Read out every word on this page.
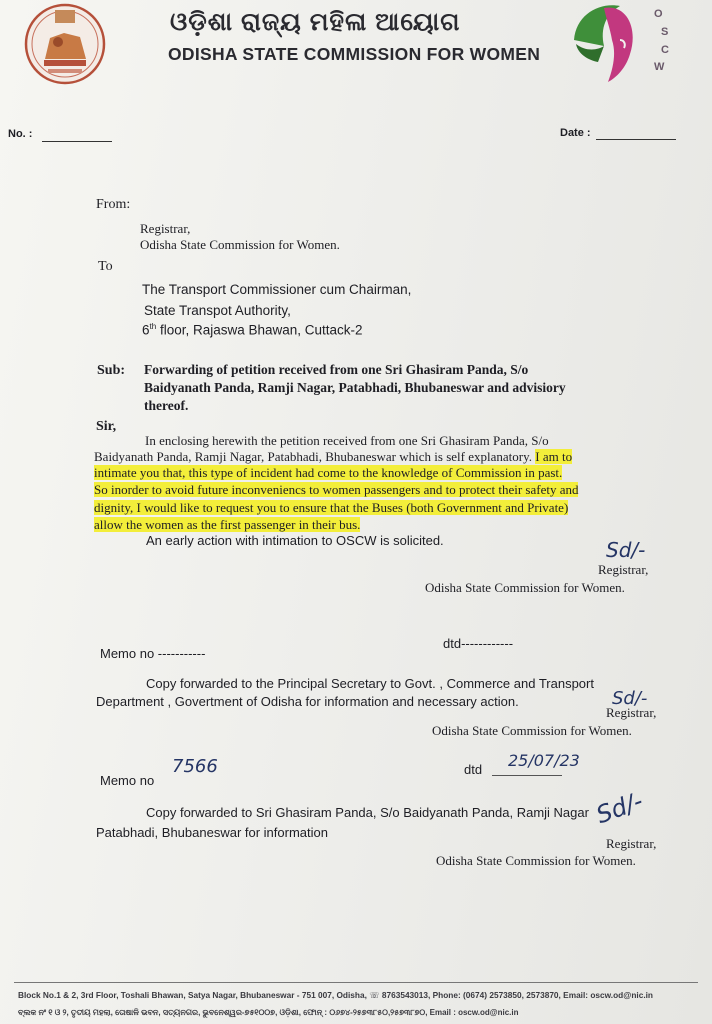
ଓଡ଼ିଶା ରାଜ୍ୟ ମହିଳା ଆୟୋଗ
ODISHA STATE COMMISSION FOR WOMEN
O
S
C
W
No. :	Date :
From:
Registrar,
Odisha State Commission for Women.
To
The Transport Commissioner cum Chairman,
State Transpot Authority,
6th floor, Rajaswa Bhawan, Cuttack-2
Sub: Forwarding of petition received from one Sri Ghasiram Panda, S/o
Baidyanath Panda, Ramji Nagar, Patabhadi, Bhubaneswar and advisiory
thereof.
Sir,
In enclosing herewith the petition received from one Sri Ghasiram Panda, S/o
Baidyanath Panda, Ramji Nagar, Patabhadi, Bhubaneswar which is self explanatory. I am to
intimate you that, this type of incident had come to the knowledge of Commission in past.
So inorder to avoid future inconveniencs to women passengers and to protect their safety and
dignity, I would like to request you to ensure that the Buses (both Government and Private)
allow the women as the first passenger in their bus.
An early action with intimation to OSCW is solicited.	Sd/-
Registrar,
Odisha State Commission for Women.
Memo no -----------
dtd------------
Copy forwarded to the Principal Secretary to Govt. , Commerce and Transport
Department , Govertment of Odisha for information and necessary action.	Sd/-
Registrar,
Odisha State Commission for Women.
Memo no
7566	dtd 25/07/23
Copy forwarded to Sri Ghasiram Panda, S/o Baidyanath Panda, Ramji Nagar
Patabhadi, Bhubaneswar for information
Sd/-
Registrar,
Odisha State Commission for Women.
Block No.1 & 2, 3rd Floor, Toshali Bhawan, Satya Nagar, Bhubaneswar - 751 007, Odisha, ☏ 8763543013, Phone: (0674) 2573850, 2573870, Email: oscw.od@nic.in
ବ୍ଲକ ନଂ ୧ ଓ ୨, ତୃତୀୟ ମହଲା, ତୋଷାଳି ଭବନ, ସତ୍ୟନଗର, ଭୁବନେଶ୍ୱର-୭୫୧୦୦୭, ଓଡ଼ିଶା, ଫୋନ୍ : ୦୬୭୪-୨୫୭୩୮୫୦,୨୫୭୩୮୭୦, Email : oscw.od@nic.in
